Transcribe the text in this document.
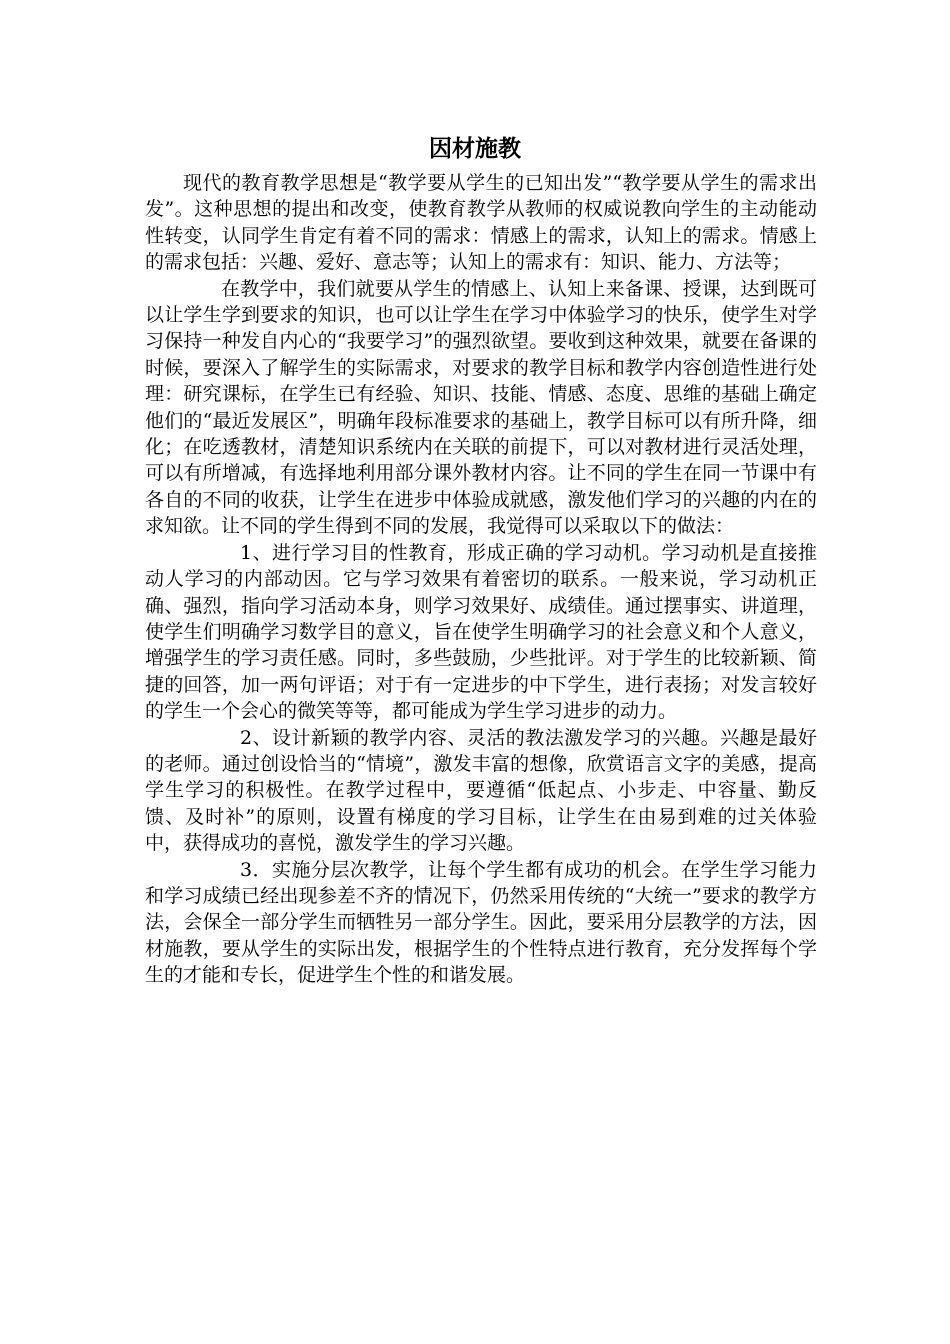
因材施教

现代的教育教学思想是“教学要从学生的已知出发”“教学要从学生的需求出发”。这种思想的提出和改变，使教育教学从教师的权威说教向学生的主动能动性转变，认同学生肯定有着不同的需求：情感上的需求，认知上的需求。情感上的需求包括：兴趣、爱好、意志等；认知上的需求有：知识、能力、方法等；

在教学中，我们就要从学生的情感上、认知上来备课、授课，达到既可以让学生学到要求的知识，也可以让学生在学习中体验学习的快乐，使学生对学习保持一种发自内心的“我要学习”的强烈欲望。要收到这种效果，就要在备课的时候，要深入了解学生的实际需求，对要求的教学目标和教学内容创造性进行处理：研究课标，在学生已有经验、知识、技能、情感、态度、思维的基础上确定他们的“最近发展区”，明确年段标准要求的基础上，教学目标可以有所升降，细化；在吃透教材，清楚知识系统内在关联的前提下，可以对教材进行灵活处理，可以有所增减，有选择地利用部分课外教材内容。让不同的学生在同一节课中有各自的不同的收获，让学生在进步中体验成就感，激发他们学习的兴趣的内在的求知欲。让不同的学生得到不同的发展，我觉得可以采取以下的做法：

1、进行学习目的性教育，形成正确的学习动机。学习动机是直接推动人学习的内部动因。它与学习效果有着密切的联系。一般来说，学习动机正确、强烈，指向学习活动本身，则学习效果好、成绩佳。通过摆事实、讲道理，使学生们明确学习数学目的意义，旨在使学生明确学习的社会意义和个人意义，增强学生的学习责任感。同时，多些鼓励，少些批评。对于学生的比较新颖、简捷的回答，加一两句评语；对于有一定进步的中下学生，进行表扬；对发言较好的学生一个会心的微笑等等，都可能成为学生学习进步的动力。

2、设计新颖的教学内容、灵活的教法激发学习的兴趣。兴趣是最好的老师。通过创设恰当的“情境”，激发丰富的想像，欣赏语言文字的美感，提高学生学习的积极性。在教学过程中，要遵循“低起点、小步走、中容量、勤反馈、及时补”的原则，设置有梯度的学习目标，让学生在由易到难的过关体验中，获得成功的喜悦，激发学生的学习兴趣。

3．实施分层次教学，让每个学生都有成功的机会。在学生学习能力和学习成绩已经出现参差不齐的情况下，仍然采用传统的“大统一”要求的教学方法，会保全一部分学生而牺牲另一部分学生。因此，要采用分层教学的方法，因材施教，要从学生的实际出发，根据学生的个性特点进行教育，充分发挥每个学生的才能和专长，促进学生个性的和谐发展。
